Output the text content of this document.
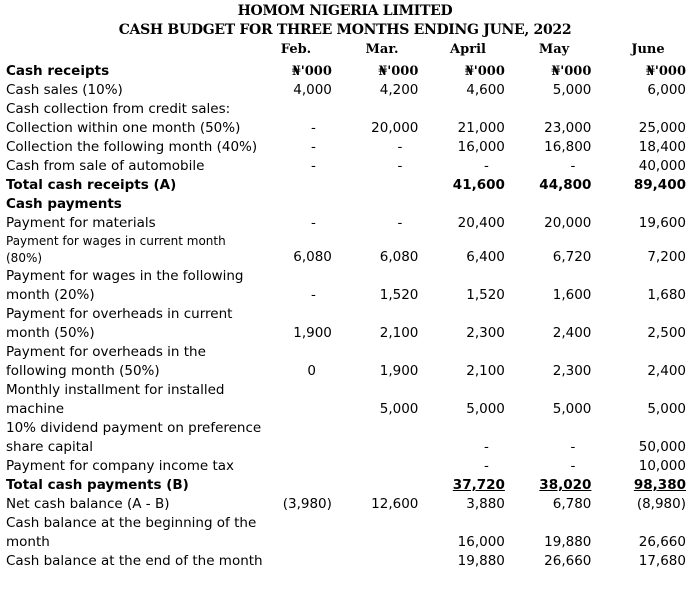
HOMOM NIGERIA LIMITED
CASH BUDGET FOR THREE MONTHS ENDING JUNE, 2022
Feb.	Mar.	April	May	June
Cash receipts	₦'000	₦'000	₦'000	₦'000	₦'000
Cash sales (10%)	4,000	4,200	4,600	5,000	6,000
Cash collection from credit sales:					
Collection within one month (50%)	-	20,000	21,000	23,000	25,000
Collection the following month (40%)	-	-	16,000	16,800	18,400
Cash from sale of automobile	-	-	-	-	40,000
Total cash receipts (A)			41,600	44,800	89,400
Cash payments					
Payment for materials	-	-	20,400	20,000	19,600
Payment for wages in current month (80%)	6,080	6,080	6,400	6,720	7,200
Payment for wages in the following month (20%)	-	1,520	1,520	1,600	1,680
Payment for overheads in current month (50%)	1,900	2,100	2,300	2,400	2,500
Payment for overheads in the following month (50%)	0	1,900	2,100	2,300	2,400
Monthly installment for installed machine		5,000	5,000	5,000	5,000
10% dividend payment on preference share capital			-	-	50,000
Payment for company income tax			-	-	10,000
Total cash payments (B)			37,720	38,020	98,380
Net cash balance (A - B)	(3,980)	12,600	3,880	6,780	(8,980)
Cash balance at the beginning of the month			16,000	19,880	26,660
Cash balance at the end of the month			19,880	26,660	17,680
